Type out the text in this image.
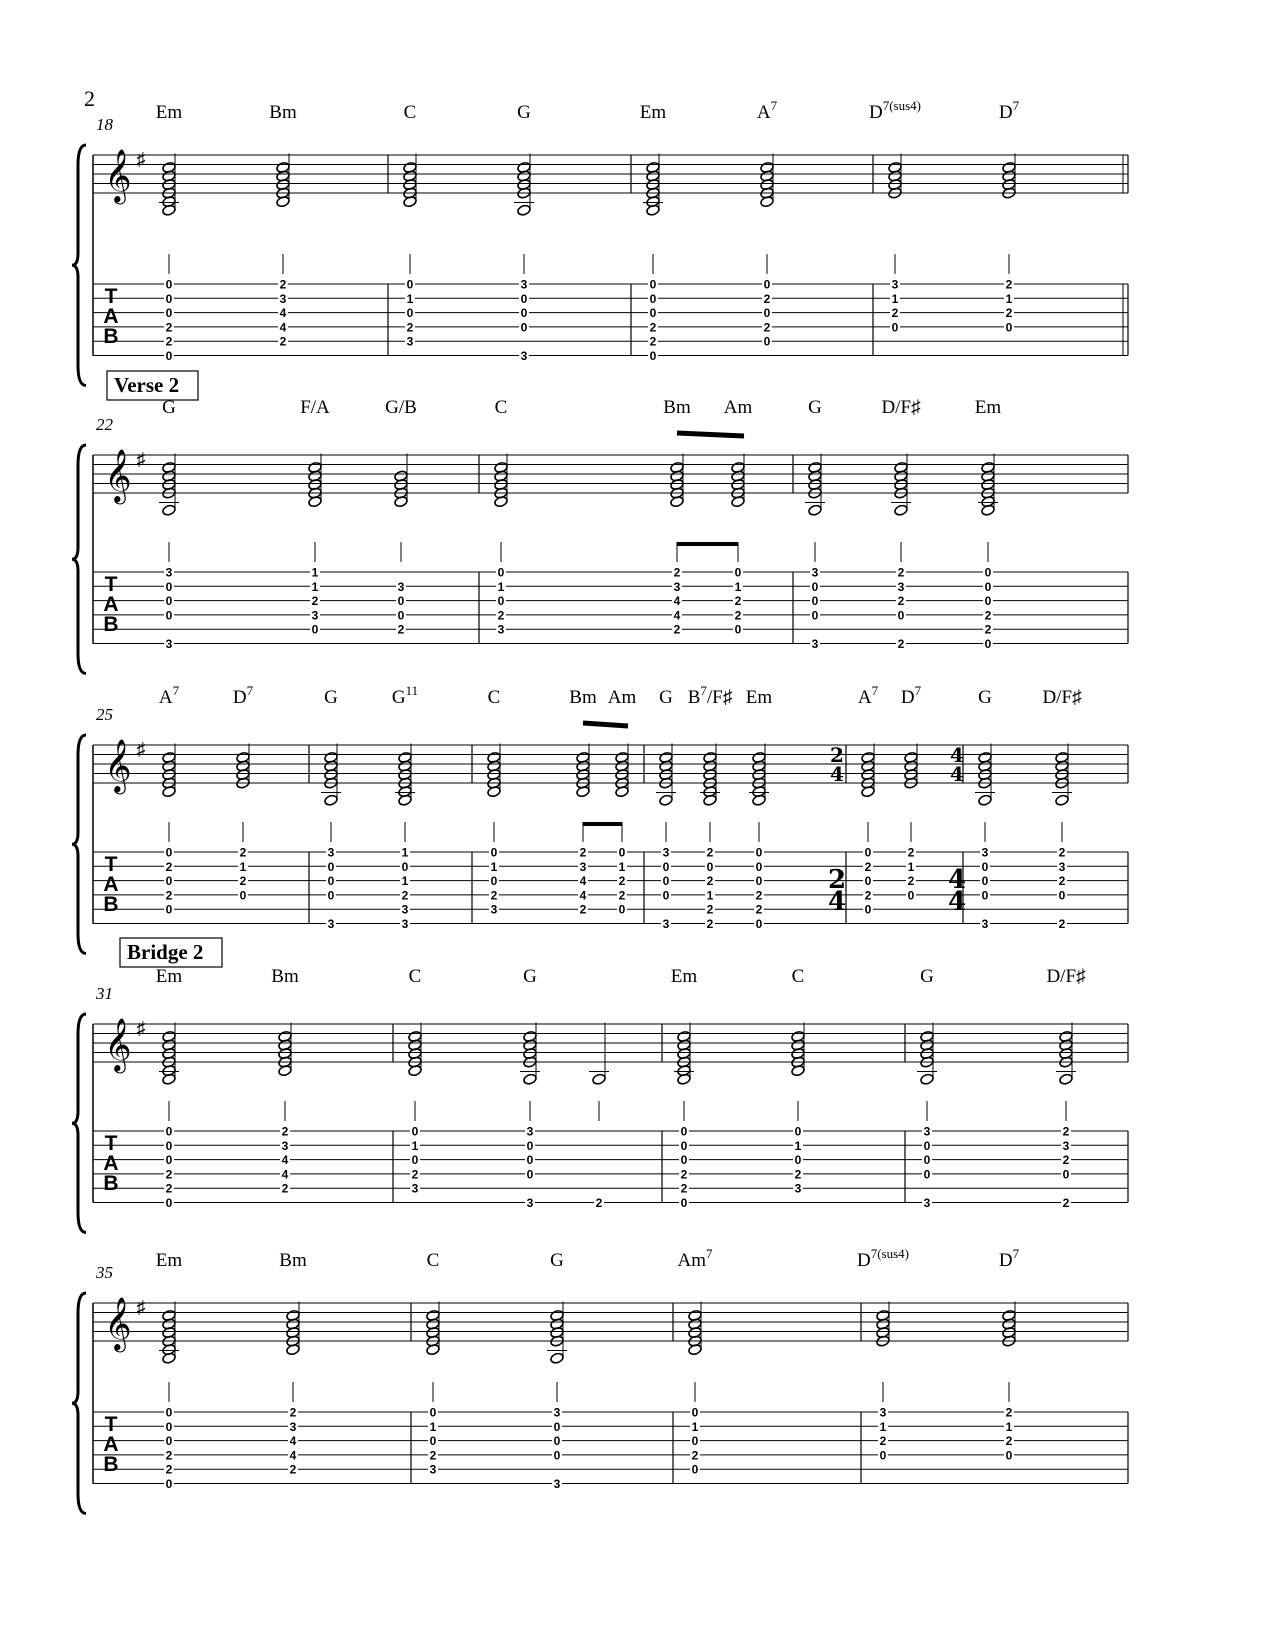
2
18
𝄞 ♯
T
A
B
Em
0
0
0
2
2
0
Bm
2
3
4
4
2
C
0
1
0
2
3
G
3
0
0
0
3
Em
0
0
0
2
2
0
$A^7$
0
2
0
2
0
$D^{7(sus4)}$
3
1
2
0
$D^7$
2
1
2
0
22
Verse 2
𝄞 ♯
T
A
B
G
3
0
0
0
3
F/A
1
1
2
3
0
G/B
3
0
0
2
C
0
1
0
2
3
Bm
2
3
4
4
2
Am
0
1
2
2
0
G
3
0
0
0
3
D/F♯
2
3
2
0
2
Em
0
0
0
2
2
0
25
𝄞 ♯
T
A
B
$A^7$
0
2
0
2
0
$D^7$
2
1
2
0
G
3
0
0
0
3
$G^{11}$
1
0
1
2
3
3
C
0
1
0
2
3
Bm
2
3
4
4
2
Am
0
1
2
2
0
G
3
0
0
0
3
$B^7/F♯$
2
0
2
1
2
2
Em
0
0
0
2
2
0
$A^7$
0
2
0
2
0
$D^7$
2
1
2
0
G
3
0
0
0
3
D/F♯
2
3
2
0
2
31
Bridge 2
𝄞 ♯
T
A
B
Em
0
0
0
2
2
0
Bm
2
3
4
4
2
C
0
1
0
2
3
G
3
0
0
0
3	2
Em
0
0
0
2
2
0
C
0
1
0
2
3
G
3
0
0
0
3
D/F♯
2
3
2
0
2
35
𝄞 ♯
T
A
B
Em
0
0
0
2
2
0
Bm
2
3
4
4
2
C
0
1
0
2
3
G
3
0
0
0
3
Am$^7$
0
1
0
2
0
$D^{7(sus4)}$
3
1
2
0
$D^7$
2
1
2
0
2
4
2
4
4
4
4
4
